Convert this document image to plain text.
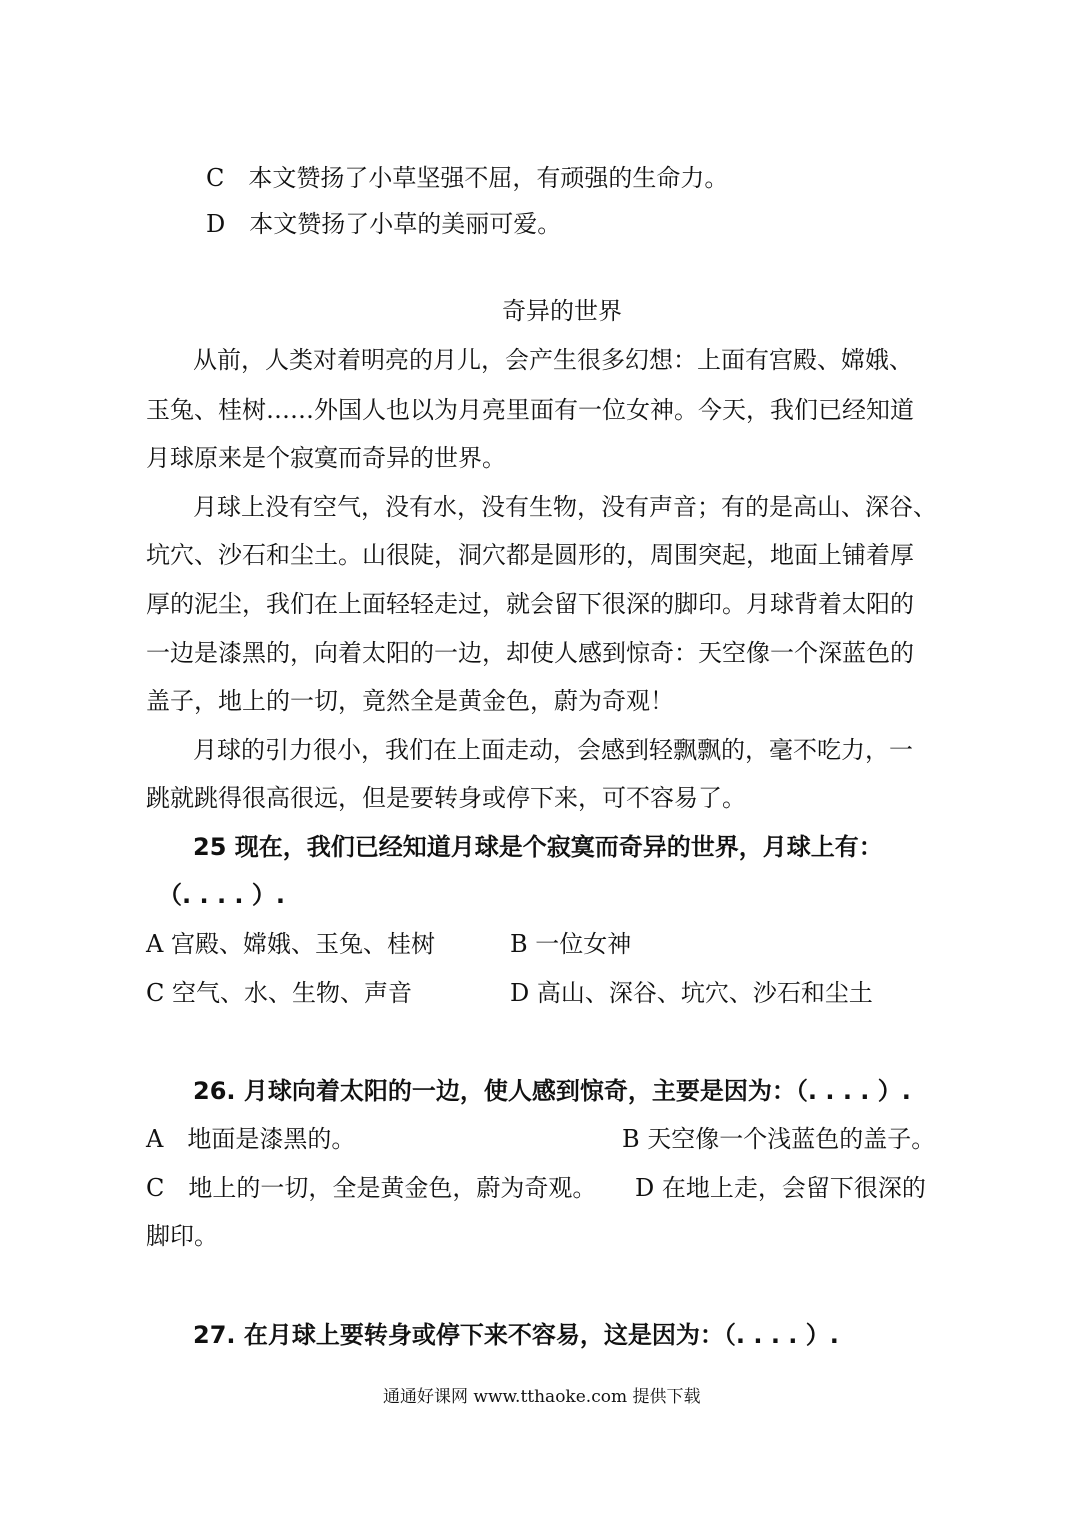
C　本文赞扬了小草坚强不屈，有顽强的生命力。
D　本文赞扬了小草的美丽可爱。
奇异的世界
从前，人类对着明亮的月儿，会产生很多幻想：上面有宫殿、嫦娥、
玉兔、桂树……外国人也以为月亮里面有一位女神。今天，我们已经知道
月球原来是个寂寞而奇异的世界。
月球上没有空气，没有水，没有生物，没有声音；有的是高山、深谷、
坑穴、沙石和尘土。山很陡，洞穴都是圆形的，周围突起，地面上铺着厚
厚的泥尘，我们在上面轻轻走过，就会留下很深的脚印。月球背着太阳的
一边是漆黑的，向着太阳的一边，却使人感到惊奇：天空像一个深蓝色的
盖子，地上的一切，竟然全是黄金色，蔚为奇观！
月球的引力很小，我们在上面走动，会感到轻飘飘的，毫不吃力，一
跳就跳得很高很远，但是要转身或停下来，可不容易了。
25 现在，我们已经知道月球是个寂寞而奇异的世界，月球上有：
（. . . . ）.
A 宫殿、嫦娥、玉兔、桂树	B 一位女神
C 空气、水、生物、声音	D 高山、深谷、坑穴、沙石和尘土
26. 月球向着太阳的一边，使人感到惊奇，主要是因为：（. . . . ）.
A　地面是漆黑的。	B 天空像一个浅蓝色的盖子。
C　地上的一切，全是黄金色，蔚为奇观。 D 在地上走，会留下很深的
脚印。
27. 在月球上要转身或停下来不容易，这是因为：（. . . . ）.
通通好课网 www.tthaoke.com 提供下载
